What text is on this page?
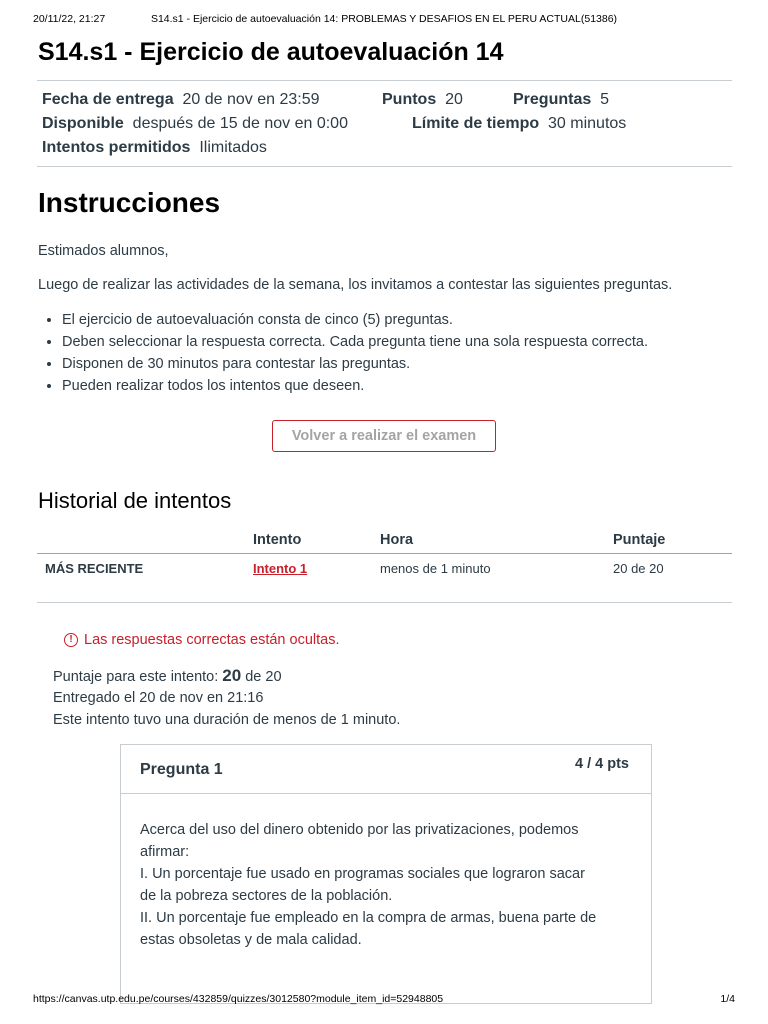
20/11/22, 21:27	S14.s1 - Ejercicio de autoevaluación 14: PROBLEMAS Y DESAFIOS EN EL PERU ACTUAL(51386)
S14.s1 - Ejercicio de autoevaluación 14
Fecha de entrega 20 de nov en 23:59	Puntos 20	Preguntas 5
Disponible después de 15 de nov en 0:00	Límite de tiempo 30 minutos
Intentos permitidos Ilimitados
Instrucciones
Estimados alumnos,
Luego de realizar las actividades de la semana, los invitamos a contestar las siguientes preguntas.
• El ejercicio de autoevaluación consta de cinco (5) preguntas.
• Deben seleccionar la respuesta correcta. Cada pregunta tiene una sola respuesta correcta.
• Disponen de 30 minutos para contestar las preguntas.
• Pueden realizar todos los intentos que deseen.
Volver a realizar el examen
Historial de intentos
Intento	Hora	Puntaje
MÁS RECIENTE	Intento 1	menos de 1 minuto	20 de 20
! Las respuestas correctas están ocultas.
Puntaje para este intento: 20 de 20
Entregado el 20 de nov en 21:16
Este intento tuvo una duración de menos de 1 minuto.
Pregunta 1	4 / 4 pts
Acerca del uso del dinero obtenido por las privatizaciones, podemos
afirmar:
I. Un porcentaje fue usado en programas sociales que lograron sacar
de la pobreza sectores de la población.
II. Un porcentaje fue empleado en la compra de armas, buena parte de
estas obsoletas y de mala calidad.
https://canvas.utp.edu.pe/courses/432859/quizzes/3012580?module_item_id=52948805	1/4
